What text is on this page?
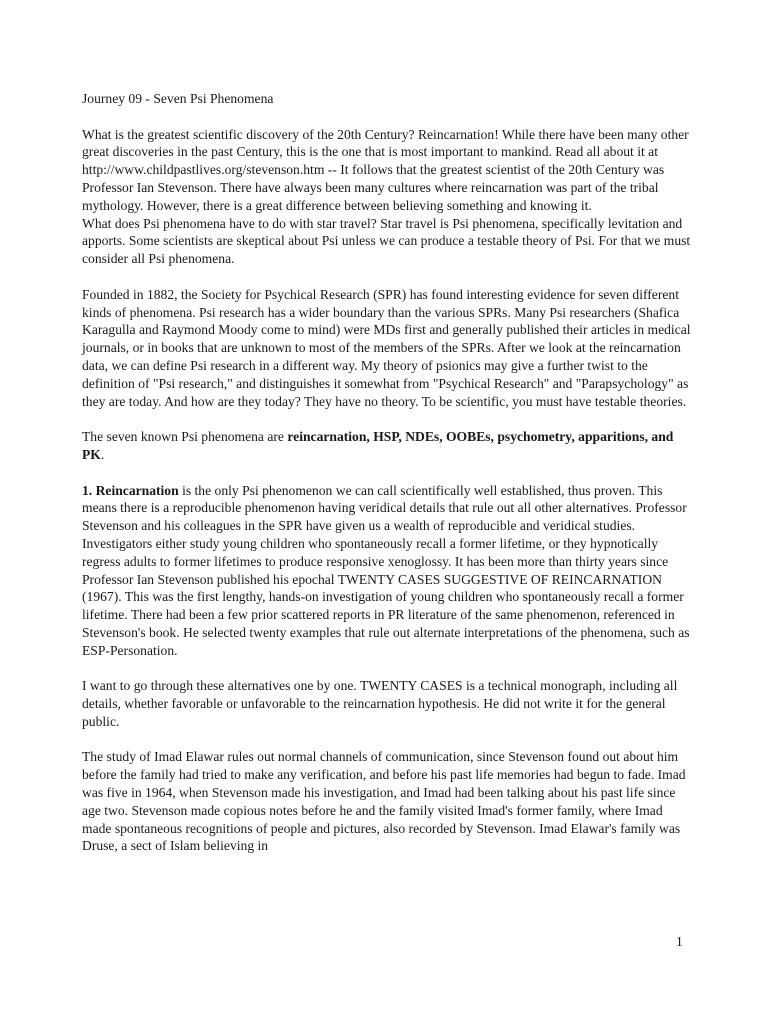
Journey 09 - Seven Psi Phenomena

What is the greatest scientific discovery of the 20th Century? Reincarnation! While there have been many other great discoveries in the past Century, this is the one that is most important to mankind. Read all about it at http://www.childpastlives.org/stevenson.htm -- It follows that the greatest scientist of the 20th Century was Professor Ian Stevenson. There have always been many cultures where reincarnation was part of the tribal mythology. However, there is a great difference between believing something and knowing it.

What does Psi phenomena have to do with star travel? Star travel is Psi phenomena, specifically levitation and apports. Some scientists are skeptical about Psi unless we can produce a testable theory of Psi. For that we must consider all Psi phenomena.

Founded in 1882, the Society for Psychical Research (SPR) has found interesting evidence for seven different kinds of phenomena. Psi research has a wider boundary than the various SPRs. Many Psi researchers (Shafica Karagulla and Raymond Moody come to mind) were MDs first and generally published their articles in medical journals, or in books that are unknown to most of the members of the SPRs. After we look at the reincarnation data, we can define Psi research in a different way. My theory of psionics may give a further twist to the definition of "Psi research," and distinguishes it somewhat from "Psychical Research" and "Parapsychology" as they are today. And how are they today? They have no theory. To be scientific, you must have testable theories.

The seven known Psi phenomena are reincarnation, HSP, NDEs, OOBEs, psychometry, apparitions, and PK.

1. Reincarnation is the only Psi phenomenon we can call scientifically well established, thus proven. This means there is a reproducible phenomenon having veridical details that rule out all other alternatives. Professor Stevenson and his colleagues in the SPR have given us a wealth of reproducible and veridical studies. Investigators either study young children who spontaneously recall a former lifetime, or they hypnotically regress adults to former lifetimes to produce responsive xenoglossy. It has been more than thirty years since Professor Ian Stevenson published his epochal TWENTY CASES SUGGESTIVE OF REINCARNATION (1967). This was the first lengthy, hands-on investigation of young children who spontaneously recall a former lifetime. There had been a few prior scattered reports in PR literature of the same phenomenon, referenced in Stevenson's book. He selected twenty examples that rule out alternate interpretations of the phenomena, such as ESP-Personation.

I want to go through these alternatives one by one. TWENTY CASES is a technical monograph, including all details, whether favorable or unfavorable to the reincarnation hypothesis. He did not write it for the general public.

The study of Imad Elawar rules out normal channels of communication, since Stevenson found out about him before the family had tried to make any verification, and before his past life memories had begun to fade. Imad was five in 1964, when Stevenson made his investigation, and Imad had been talking about his past life since age two. Stevenson made copious notes before he and the family visited Imad's former family, where Imad made spontaneous recognitions of people and pictures, also recorded by Stevenson. Imad Elawar's family was Druse, a sect of Islam believing in

1
